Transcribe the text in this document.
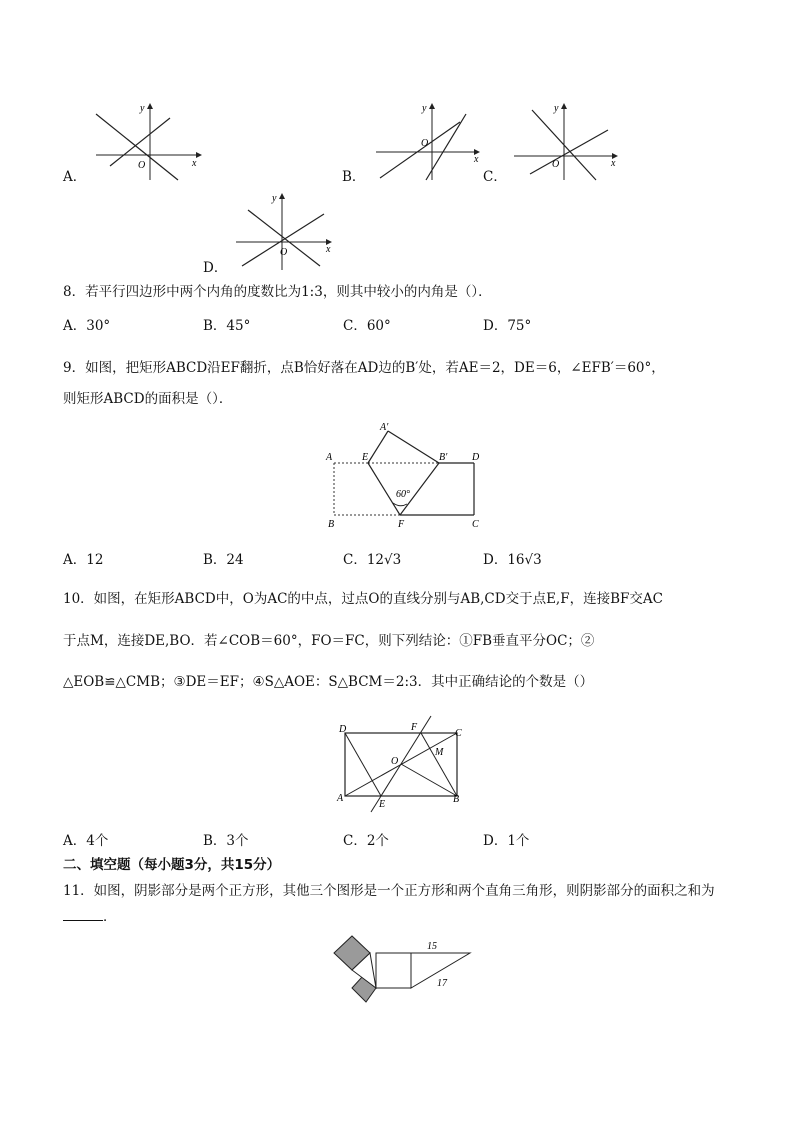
A．
y
x
O
B．
y
x
O
C．
y
x
O
D．
y
x
O
8．若平行四边形中两个内角的度数比为1:3，则其中较小的内角是（）．
A．30°	B．45°	C．60°	D．75°
9．如图，把矩形ABCD沿EF翻折，点B恰好落在AD边的B′处，若AE＝2，DE＝6，∠EFB′＝60°，
则矩形ABCD的面积是（）．
A′
A	E	B′ D
60°
B	F	C
A．12	B．24	C．12√3	D．16√3
10．如图，在矩形ABCD中，O为AC的中点，过点O的直线分别与AB,CD交于点E,F，连接BF交AC
于点M，连接DE,BO．若∠COB＝60°，FO＝FC，则下列结论：①FB垂直平分OC；②
△EOB≌△CMB；③DE＝EF；④S△AOE：S△BCM＝2:3．其中正确结论的个数是（）
D	F
C
M
O
A
E	B
A．4个	B．3个	C．2个	D．1个
二、填空题（每小题3分，共15分）
11．如图，阴影部分是两个正方形，其他三个图形是一个正方形和两个直角三角形，则阴影部分的面积之和为
．
15
17
